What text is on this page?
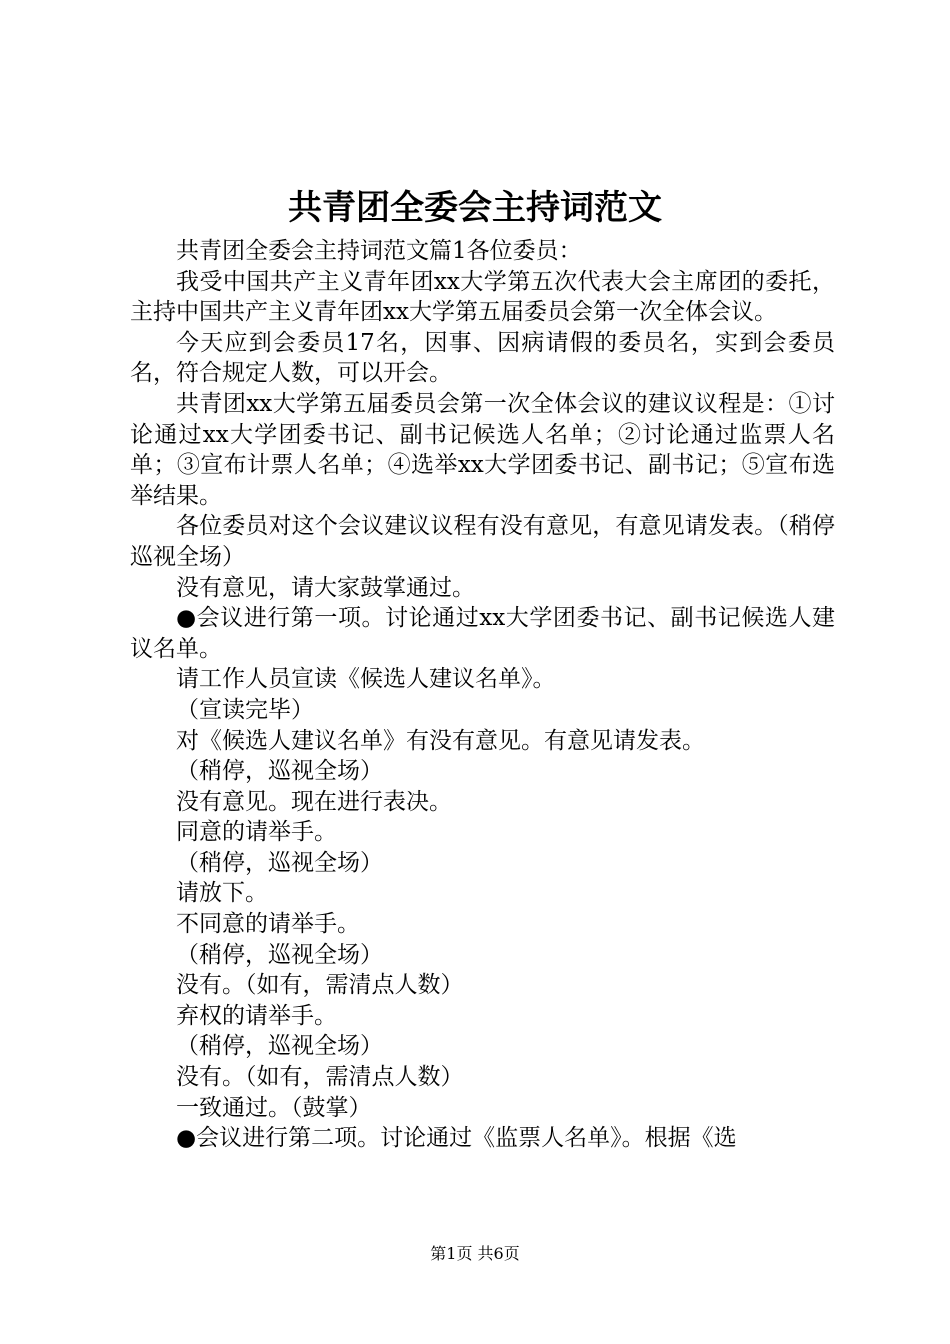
共青团全委会主持词范文

共青团全委会主持词范文篇1各位委员：

我受中国共产主义青年团xx大学第五次代表大会主席团的委托，主持中国共产主义青年团xx大学第五届委员会第一次全体会议。

今天应到会委员17名，因事、因病请假的委员名，实到会委员名，符合规定人数，可以开会。

共青团xx大学第五届委员会第一次全体会议的建议议程是：①讨论通过xx大学团委书记、副书记候选人名单；②讨论通过监票人名单；③宣布计票人名单；④选举xx大学团委书记、副书记；⑤宣布选举结果。

各位委员对这个会议建议议程有没有意见，有意见请发表。（稍停巡视全场）

没有意见，请大家鼓掌通过。

●会议进行第一项。讨论通过xx大学团委书记、副书记候选人建议名单。

请工作人员宣读《候选人建议名单》。

（宣读完毕）

对《候选人建议名单》有没有意见。有意见请发表。

（稍停，巡视全场）

没有意见。现在进行表决。

同意的请举手。

（稍停，巡视全场）

请放下。

不同意的请举手。

（稍停，巡视全场）

没有。（如有，需清点人数）

弃权的请举手。

（稍停，巡视全场）

没有。（如有，需清点人数）

一致通过。（鼓掌）

●会议进行第二项。讨论通过《监票人名单》。根据《选

第1页 共6页
